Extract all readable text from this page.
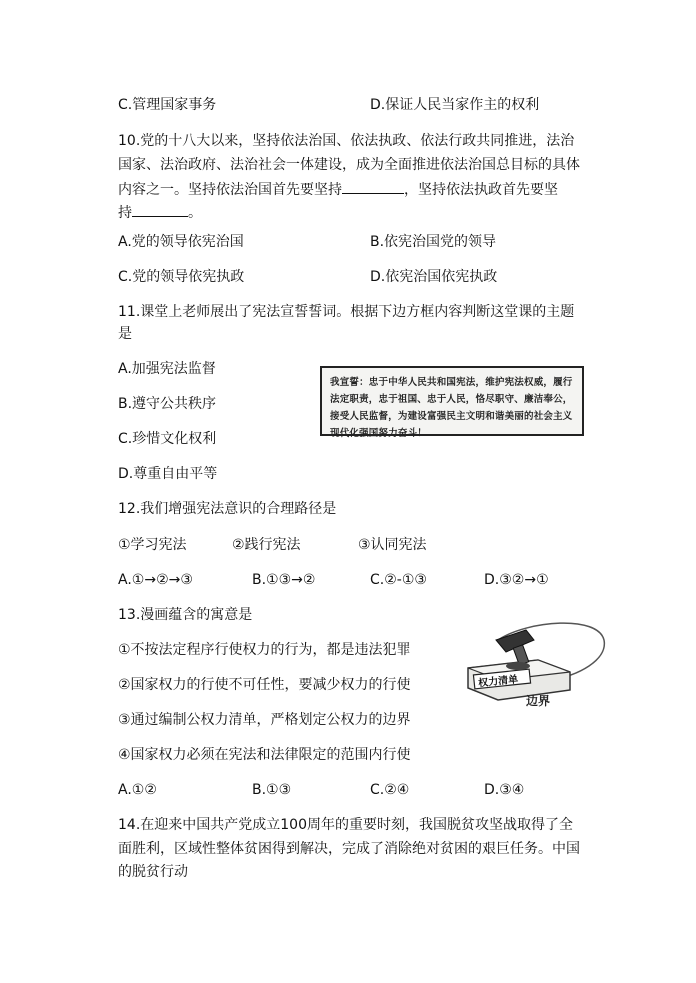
C.管理国家事务	D.保证人民当家作主的权利
10.党的十八大以来，坚持依法治国、依法执政、依法行政共同推进，法治
国家、法治政府、法治社会一体建设，成为全面推进依法治国总目标的具体
内容之一。坚持依法治国首先要坚持	，坚持依法执政首先要坚
持	。
A.党的领导依宪治国	B.依宪治国党的领导
C.党的领导依宪执政	D.依宪治国依宪执政
11.课堂上老师展出了宪法宣誓誓词。根据下边方框内容判断这堂课的主题
是
A.加强宪法监督
B.遵守公共秩序
C.珍惜文化权利
D.尊重自由平等
我宣誓：忠于中华人民共和国宪法，维护宪法权威，履行法定职责，忠于祖国、忠于人民，恪尽职守、廉洁奉公，接受人民监督，为建设富强民主文明和谐美丽的社会主义现代化强国努力奋斗！
12.我们增强宪法意识的合理路径是
①学习宪法	②践行宪法	③认同宪法
A.①→②→③	B.①③→②	C.②-①③	D.③②→①
13.漫画蕴含的寓意是
①不按法定程序行使权力的行为，都是违法犯罪
②国家权力的行使不可任性，要减少权力的行使
③通过编制公权力清单，严格划定公权力的边界
④国家权力必须在宪法和法律限定的范围内行使
A.①②	B.①③	C.②④	D.③④
权力清单
边界
14.在迎来中国共产党成立100周年的重要时刻，我国脱贫攻坚战取得了全
面胜利，区域性整体贫困得到解决，完成了消除绝对贫困的艰巨任务。中国
的脱贫行动
